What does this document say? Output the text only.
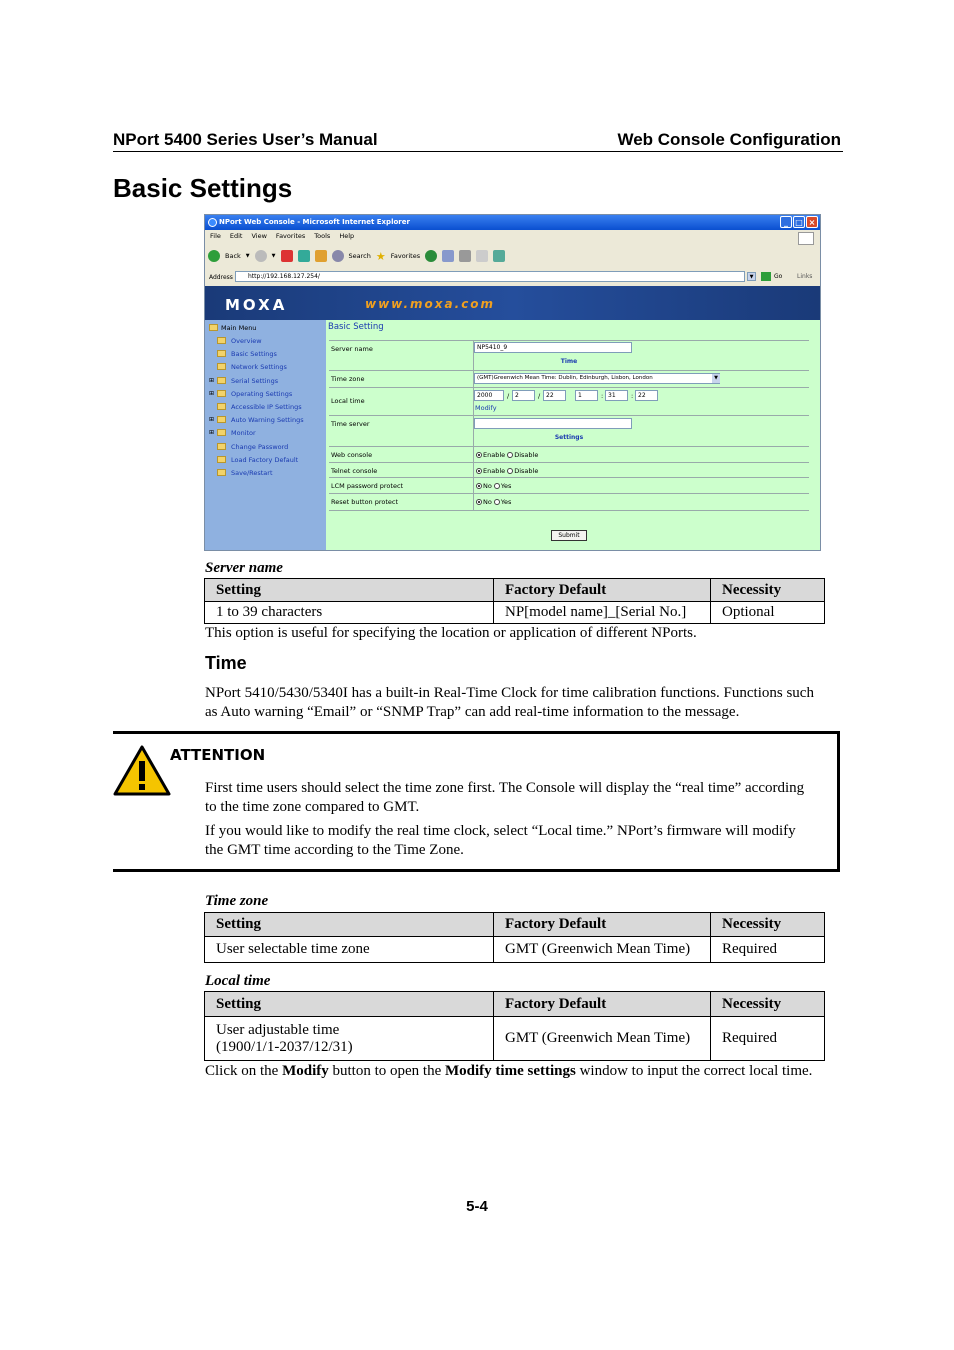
NPort 5400 Series User’s Manual	Web Console Configuration
Basic Settings
NPort Web Console - Microsoft Internet Explorer	_ □ ×
File Edit View Favorites Tools Help
Back ▼	▼	Search ★ Favorites
Address	http://192.168.127.254/	▼	Go Links
MOXA	www.moxa.com
Main Menu
Overview
Basic Settings
Network Settings
⊞	Serial Settings
⊞	Operating Settings
Accessible IP Settings
⊞	Auto Warning Settings
⊞	Monitor
Change Password
Load Factory Default
Save/Restart
Basic Setting
Server name	NP5410_9
Time
Time zone	(GMT)Greenwich Mean Time: Dublin, Edinburgh, Lisbon, London	▼
Local time
2000	/ 2	/ 22	1	: 31	: 22
Modify
Time server
Settings
Web console	Enable Disable
Telnet console	Enable Disable
LCM password protect	No Yes
Reset button protect	No Yes
Submit
Server name
Setting	Factory Default	Necessity
1 to 39 characters	NP[model name]_[Serial No.]	Optional
This option is useful for specifying the location or application of different NPorts.
Time
NPort 5410/5430/5340I has a built-in Real-Time Clock for time calibration functions. Functions such as Auto warning “Email” or “SNMP Trap” can add real-time information to the message.
ATTENTION
First time users should select the time zone first. The Console will display the “real time” according to the time zone compared to GMT.
If you would like to modify the real time clock, select “Local time.” NPort’s firmware will modify the GMT time according to the Time Zone.
Time zone
Setting	Factory Default	Necessity
User selectable time zone	GMT (Greenwich Mean Time)	Required
Local time
Setting	Factory Default	Necessity
User adjustable time
(1900/1/1-2037/12/31)	GMT (Greenwich Mean Time)	Required
Click on the Modify button to open the Modify time settings window to input the correct local time.
5-4
